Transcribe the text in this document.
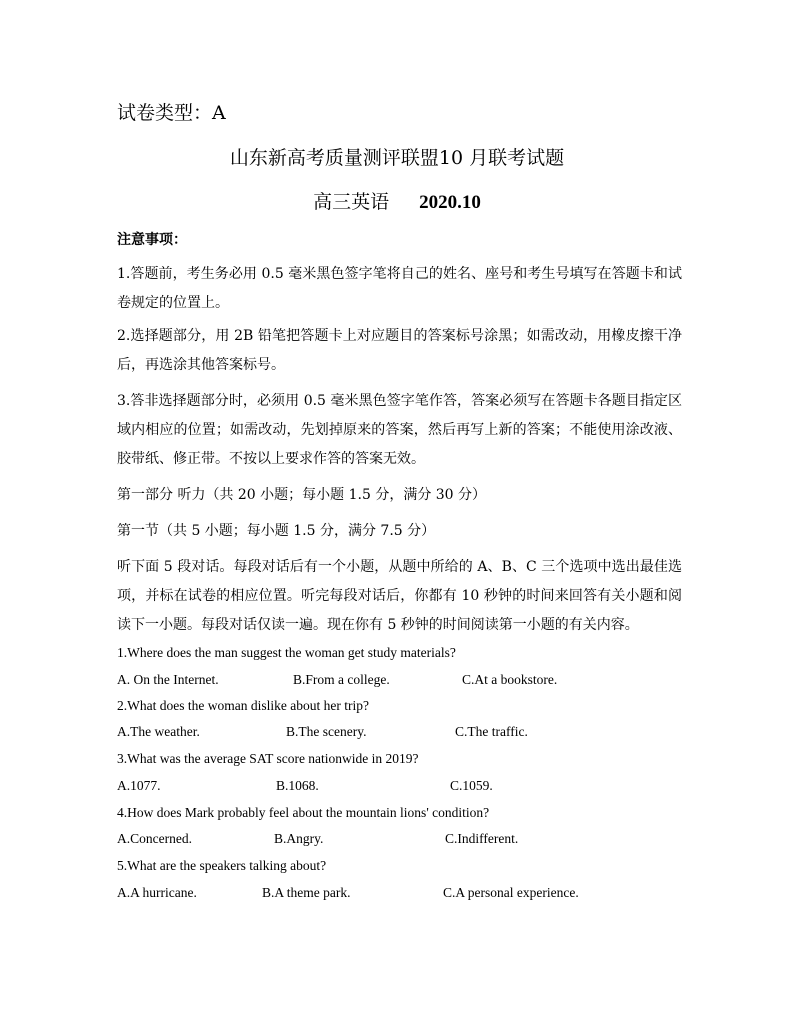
试卷类型：A
山东新高考质量测评联盟10 月联考试题
高三英语 2020.10
注意事项：
1.答题前，考生务必用 0.5 毫米黑色签字笔将自己的姓名、座号和考生号填写在答题卡和试卷规定的位置上。
2.选择题部分，用 2B 铅笔把答题卡上对应题目的答案标号涂黑；如需改动，用橡皮擦干净后，再选涂其他答案标号。
3.答非选择题部分时，必须用 0.5 毫米黑色签字笔作答，答案必须写在答题卡各题目指定区域内相应的位置；如需改动，先划掉原来的答案，然后再写上新的答案；不能使用涂改液、胶带纸、修正带。不按以上要求作答的答案无效。
第一部分 听力（共 20 小题；每小题 1.5 分，满分 30 分）
第一节（共 5 小题；每小题 1.5 分，满分 7.5 分）
听下面 5 段对话。每段对话后有一个小题，从题中所给的 A、B、C 三个选项中选出最佳选项，并标在试卷的相应位置。听完每段对话后，你都有 10 秒钟的时间来回答有关小题和阅读下一小题。每段对话仅读一遍。现在你有 5 秒钟的时间阅读第一小题的有关内容。
1.Where does the man suggest the woman get study materials?
A. On the Internet.	B.From a college.	C.At a bookstore.
2.What does the woman dislike about her trip?
A.The weather.	B.The scenery.	C.The traffic.
3.What was the average SAT score nationwide in 2019?
A.1077.	B.1068.	C.1059.
4.How does Mark probably feel about the mountain lions' condition?
A.Concerned.	B.Angry.	C.Indifferent.
5.What are the speakers talking about?
A.A hurricane.	B.A theme park.	C.A personal experience.
